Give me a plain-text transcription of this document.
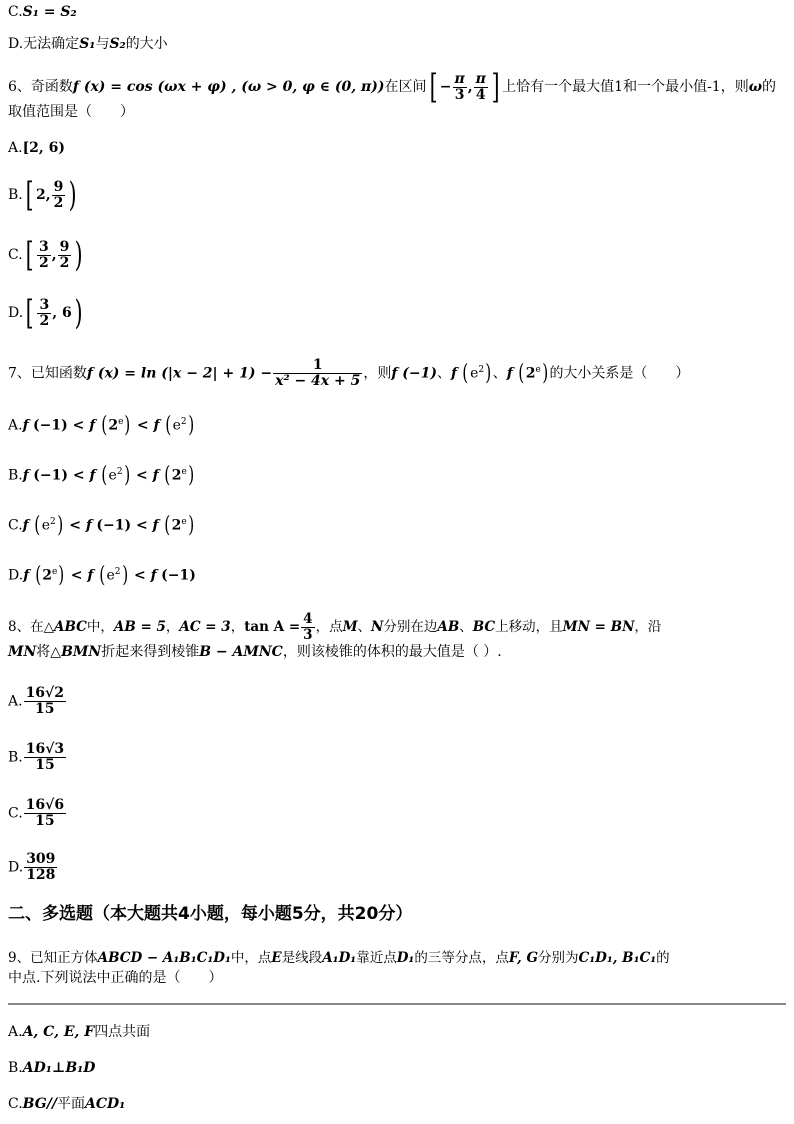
C.S₁ = S₂
D.无法确定S₁与S₂的大小
6、奇函数f (x) = cos (ωx + φ) , (ω > 0, φ ∈ (0, π))在区间[ − $\frac{\pi}{3}$ , $\frac{\pi}{4}$ ] 上恰有一个最大值1和一个最小值-1，则ω的
取值范围是（　　）
A.[2, 6)
B.[ 2, $\frac{9}{2}$ )
$C.[ \frac{3}{2}$ , $\frac{9}{2}$ )
$D.[ \frac{3}{2}$ , 6)
7、已知函数f $(x) = \ln (|x - 2| + 1) - \frac{1}{\text{x² − 4x + 5}}$ ，则f (−1)、f $(e^2)$、f (2e)的大小关系是（　　）
A.f (−1) < f $(2^e) < f$ $(e^2)$
B.f (−1) < f $(e^2) < f$ (2e)
C.f $(e^2) < f$ (−1) < f (2e)
D.f $(2^e) < f$ $(e^2) < f$ (−1)
8、在△ABC中，AB = 5，AC = 3，$\tan A = \frac{4}{3}$ ，点M、N分别在边AB、BC上移动，且MN = BN，沿
MN将△BMN折起来得到棱锥B − AMNC，则该棱锥的体积的最大值是（ ）.
A. $\frac{16√2}{15}$
B. $\frac{16√3}{15}$
C. $\frac{16√6}{15}$
D. $\frac{309}{128}$
二、多选题（本大题共4小题，每小题5分，共20分）
9、已知正方体ABCD − A₁B₁C₁D₁中，点E是线段A₁D₁靠近点D₁的三等分点，点F, G分别为C₁D₁, B₁C₁的
中点.下列说法中正确的是（　　）
A.A, C, E, F四点共面
B.AD₁⊥B₁D
C.BG//平面ACD₁
